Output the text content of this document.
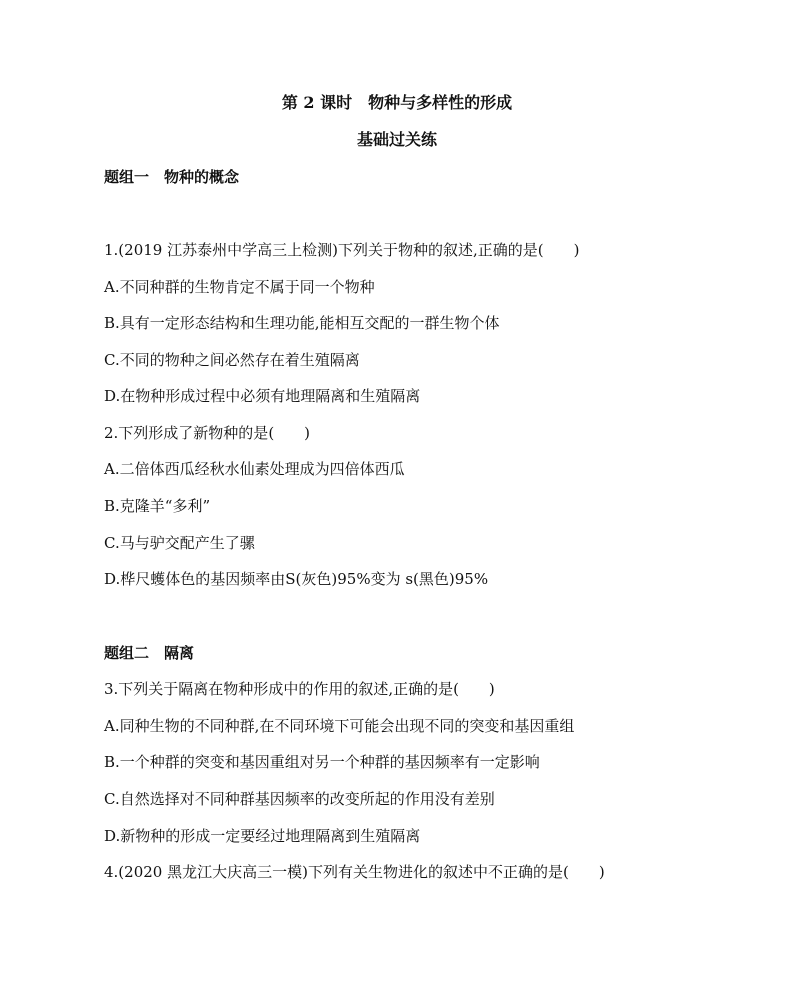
第 2 课时　物种与多样性的形成
基础过关练
题组一　物种的概念
1.(2019 江苏泰州中学高三上检测)下列关于物种的叙述,正确的是(　　)
A.不同种群的生物肯定不属于同一个物种
B.具有一定形态结构和生理功能,能相互交配的一群生物个体
C.不同的物种之间必然存在着生殖隔离
D.在物种形成过程中必须有地理隔离和生殖隔离
2.下列形成了新物种的是(　　)
A.二倍体西瓜经秋水仙素处理成为四倍体西瓜
B.克隆羊“多利”
C.马与驴交配产生了骡
D.桦尺蠖体色的基因频率由S(灰色)95%变为 s(黑色)95%
题组二　隔离
3.下列关于隔离在物种形成中的作用的叙述,正确的是(　　)
A.同种生物的不同种群,在不同环境下可能会出现不同的突变和基因重组
B.一个种群的突变和基因重组对另一个种群的基因频率有一定影响
C.自然选择对不同种群基因频率的改变所起的作用没有差别
D.新物种的形成一定要经过地理隔离到生殖隔离
4.(2020 黑龙江大庆高三一模)下列有关生物进化的叙述中不正确的是(　　)
